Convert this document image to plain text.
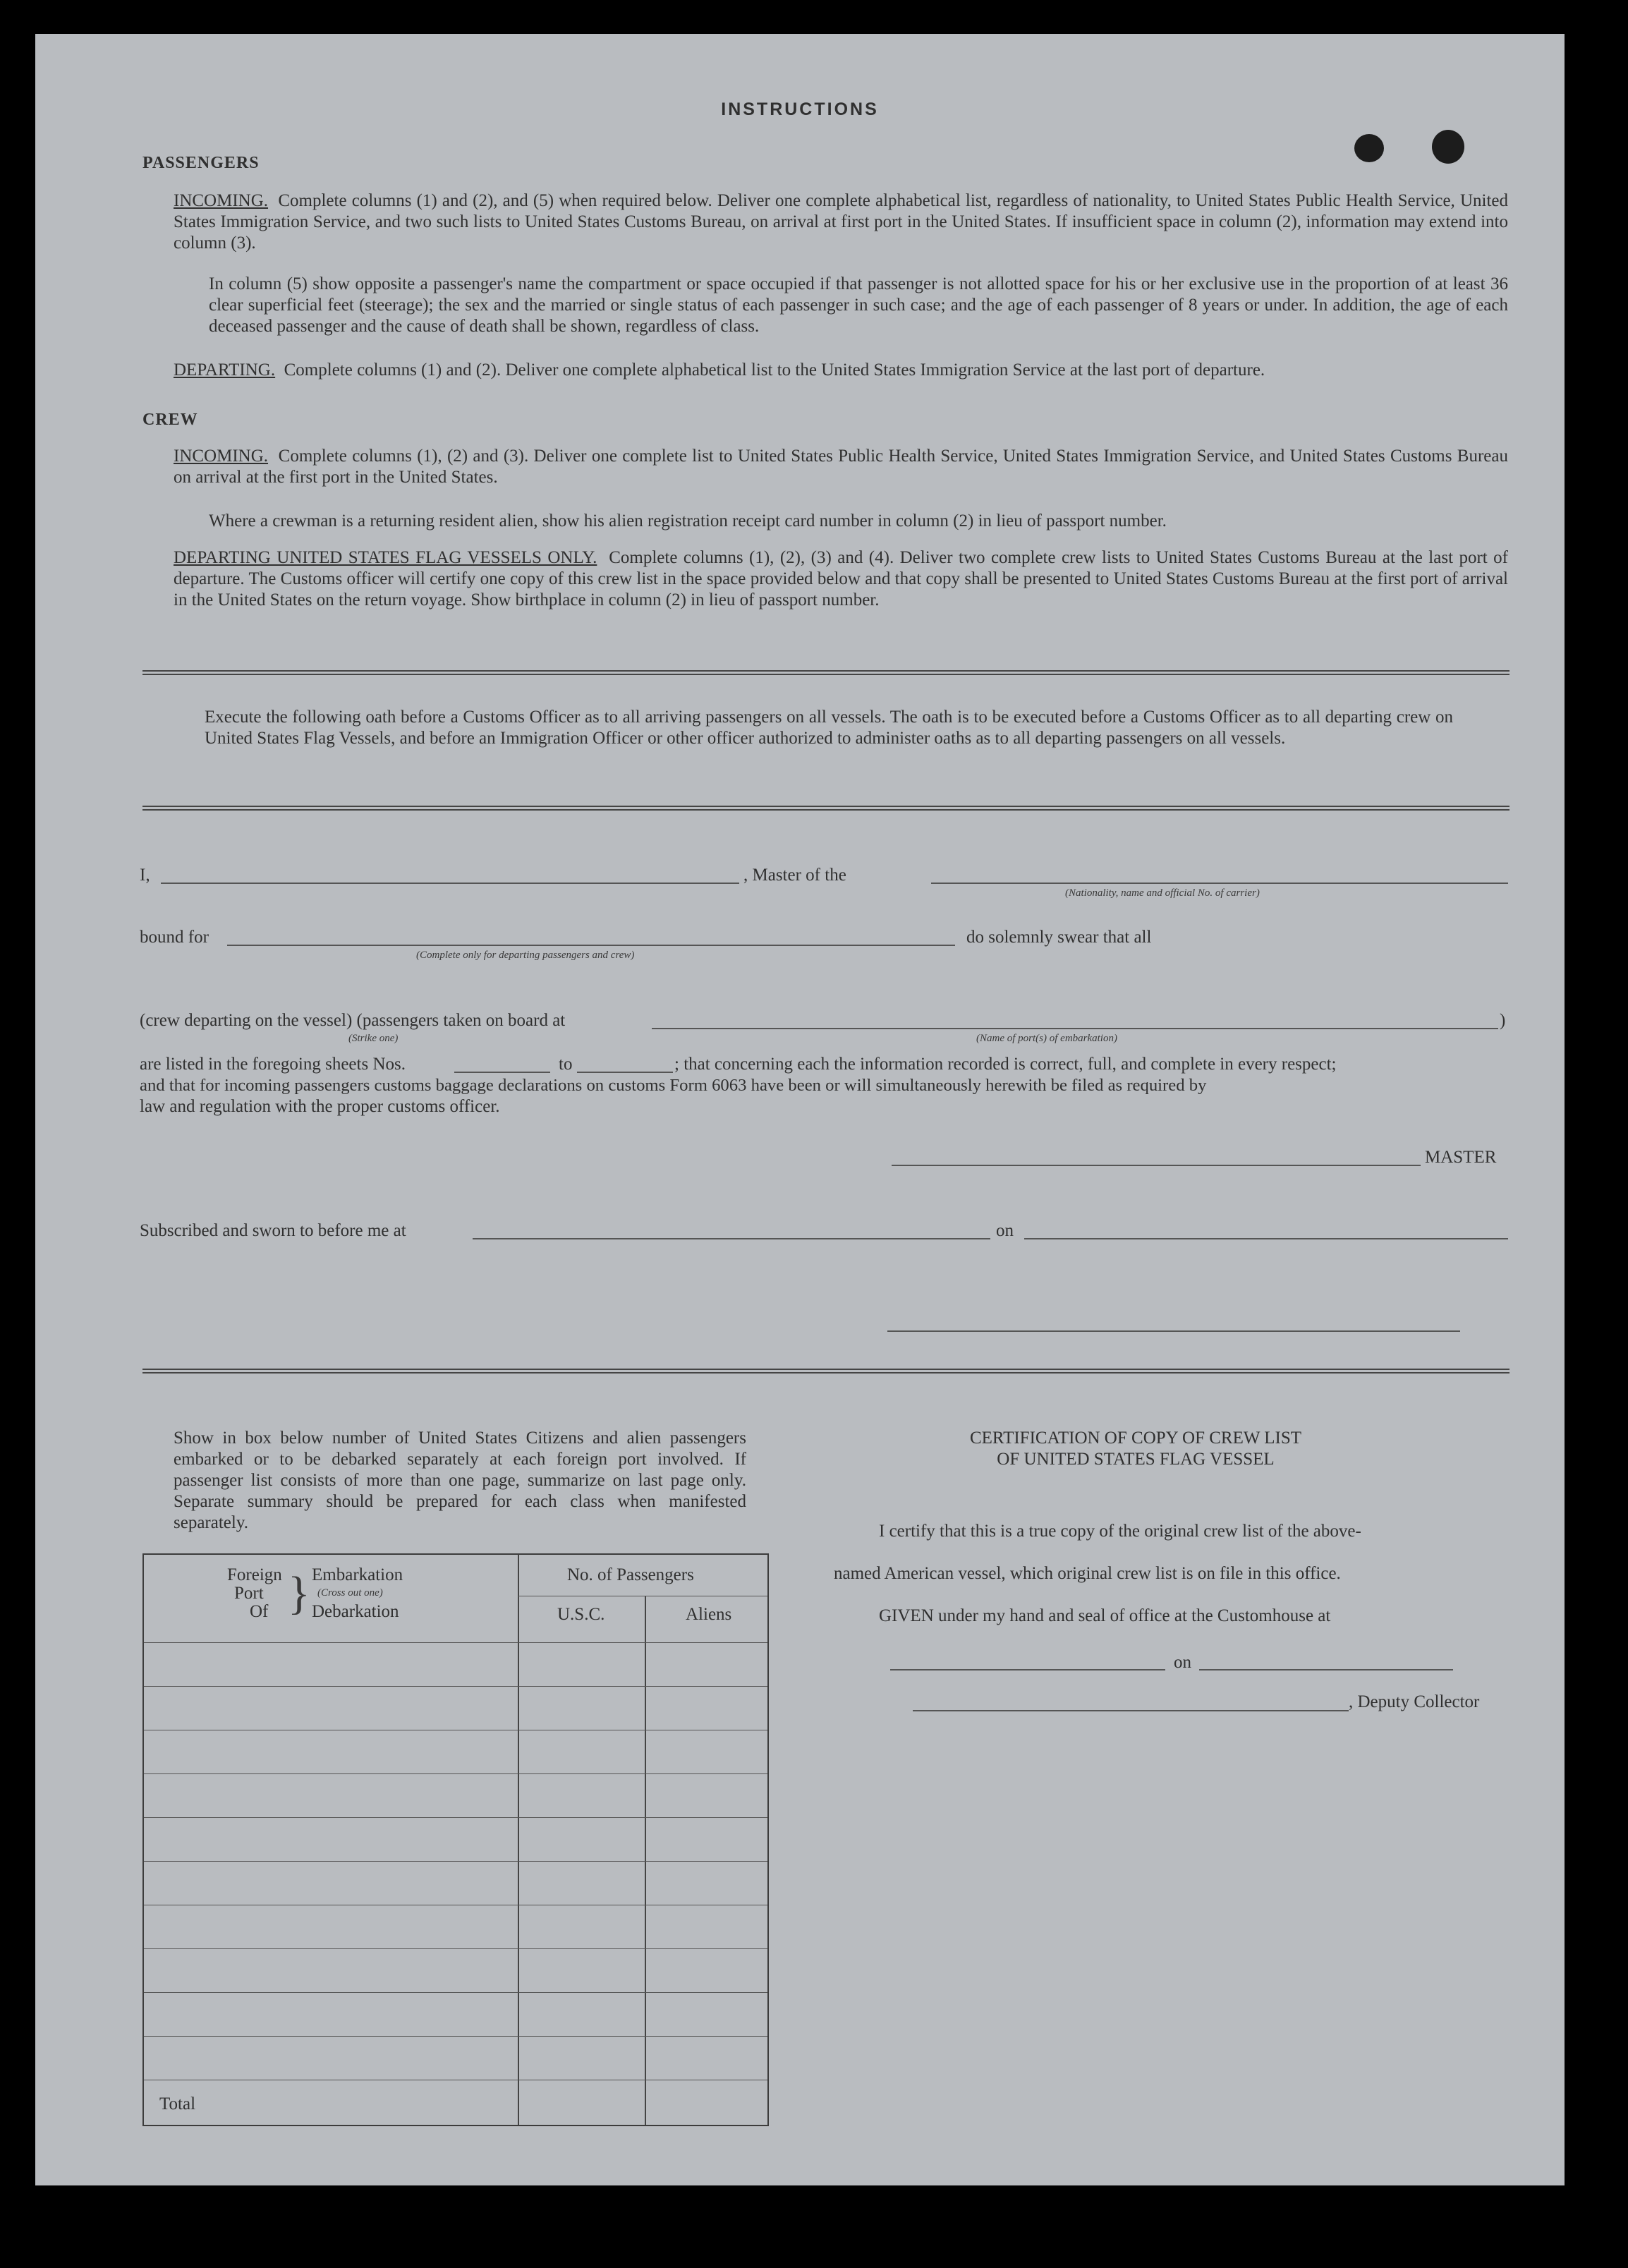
INSTRUCTIONS
PASSENGERS

INCOMING. Complete columns (1) and (2), and (5) when required below. Deliver one complete alphabetical list, regardless of nationality, to United States Public Health Service, United States Immigration Service, and two such lists to United States Customs Bureau, on arrival at first port in the United States. If insufficient space in column (2), information may extend into column (3).

In column (5) show opposite a passenger's name the compartment or space occupied if that passenger is not allotted space for his or her exclusive use in the proportion of at least 36 clear superficial feet (steerage); the sex and the married or single status of each passenger in such case; and the age of each passenger of 8 years or under. In addition, the age of each deceased passenger and the cause of death shall be shown, regardless of class.

DEPARTING. Complete columns (1) and (2). Deliver one complete alphabetical list to the United States Immigration Service at the last port of departure.

CREW

INCOMING. Complete columns (1), (2) and (3). Deliver one complete list to United States Public Health Service, United States Immigration Service, and United States Customs Bureau on arrival at the first port in the United States.

Where a crewman is a returning resident alien, show his alien registration receipt card number in column (2) in lieu of passport number.

DEPARTING UNITED STATES FLAG VESSELS ONLY. Complete columns (1), (2), (3) and (4). Deliver two complete crew lists to United States Customs Bureau at the last port of departure. The Customs officer will certify one copy of this crew list in the space provided below and that copy shall be presented to United States Customs Bureau at the first port of arrival in the United States on the return voyage. Show birthplace in column (2) in lieu of passport number.

Execute the following oath before a Customs Officer as to all arriving passengers on all vessels. The oath is to be executed before a Customs Officer as to all departing crew on United States Flag Vessels, and before an Immigration Officer or other officer authorized to administer oaths as to all departing passengers on all vessels.

I,	, Master of the
(Nationality, name and official No. of carrier)
bound for
(Complete only for departing passengers and crew)
do solemnly swear that all
(crew departing on the vessel) (passengers taken on board at
(Strike one)	(Name of port(s) of embarkation)
)
are listed in the foregoing sheets Nos.	to	; that concerning each the information recorded is correct, full, and complete in every respect;
and that for incoming passengers customs baggage declarations on customs Form 6063 have been or will simultaneously herewith be filed as required by
law and regulation with the proper customs officer.
MASTER
Subscribed and sworn to before me at	on

Show in box below number of United States Citizens and alien passengers embarked or to be debarked separately at each foreign port involved. If passenger list consists of more than one page, summarize on last page only. Separate summary should be prepared for each class when manifested separately.

Foreign
Port
Of } Embarkation
(Cross out one)
Debarkation
No. of Passengers
U.S.C.	Aliens
Total
CERTIFICATION OF COPY OF CREW LIST
OF UNITED STATES FLAG VESSEL
I certify that this is a true copy of the original crew list of the above-
named American vessel, which original crew list is on file in this office.
GIVEN under my hand and seal of office at the Customhouse at
on
, Deputy Collector
